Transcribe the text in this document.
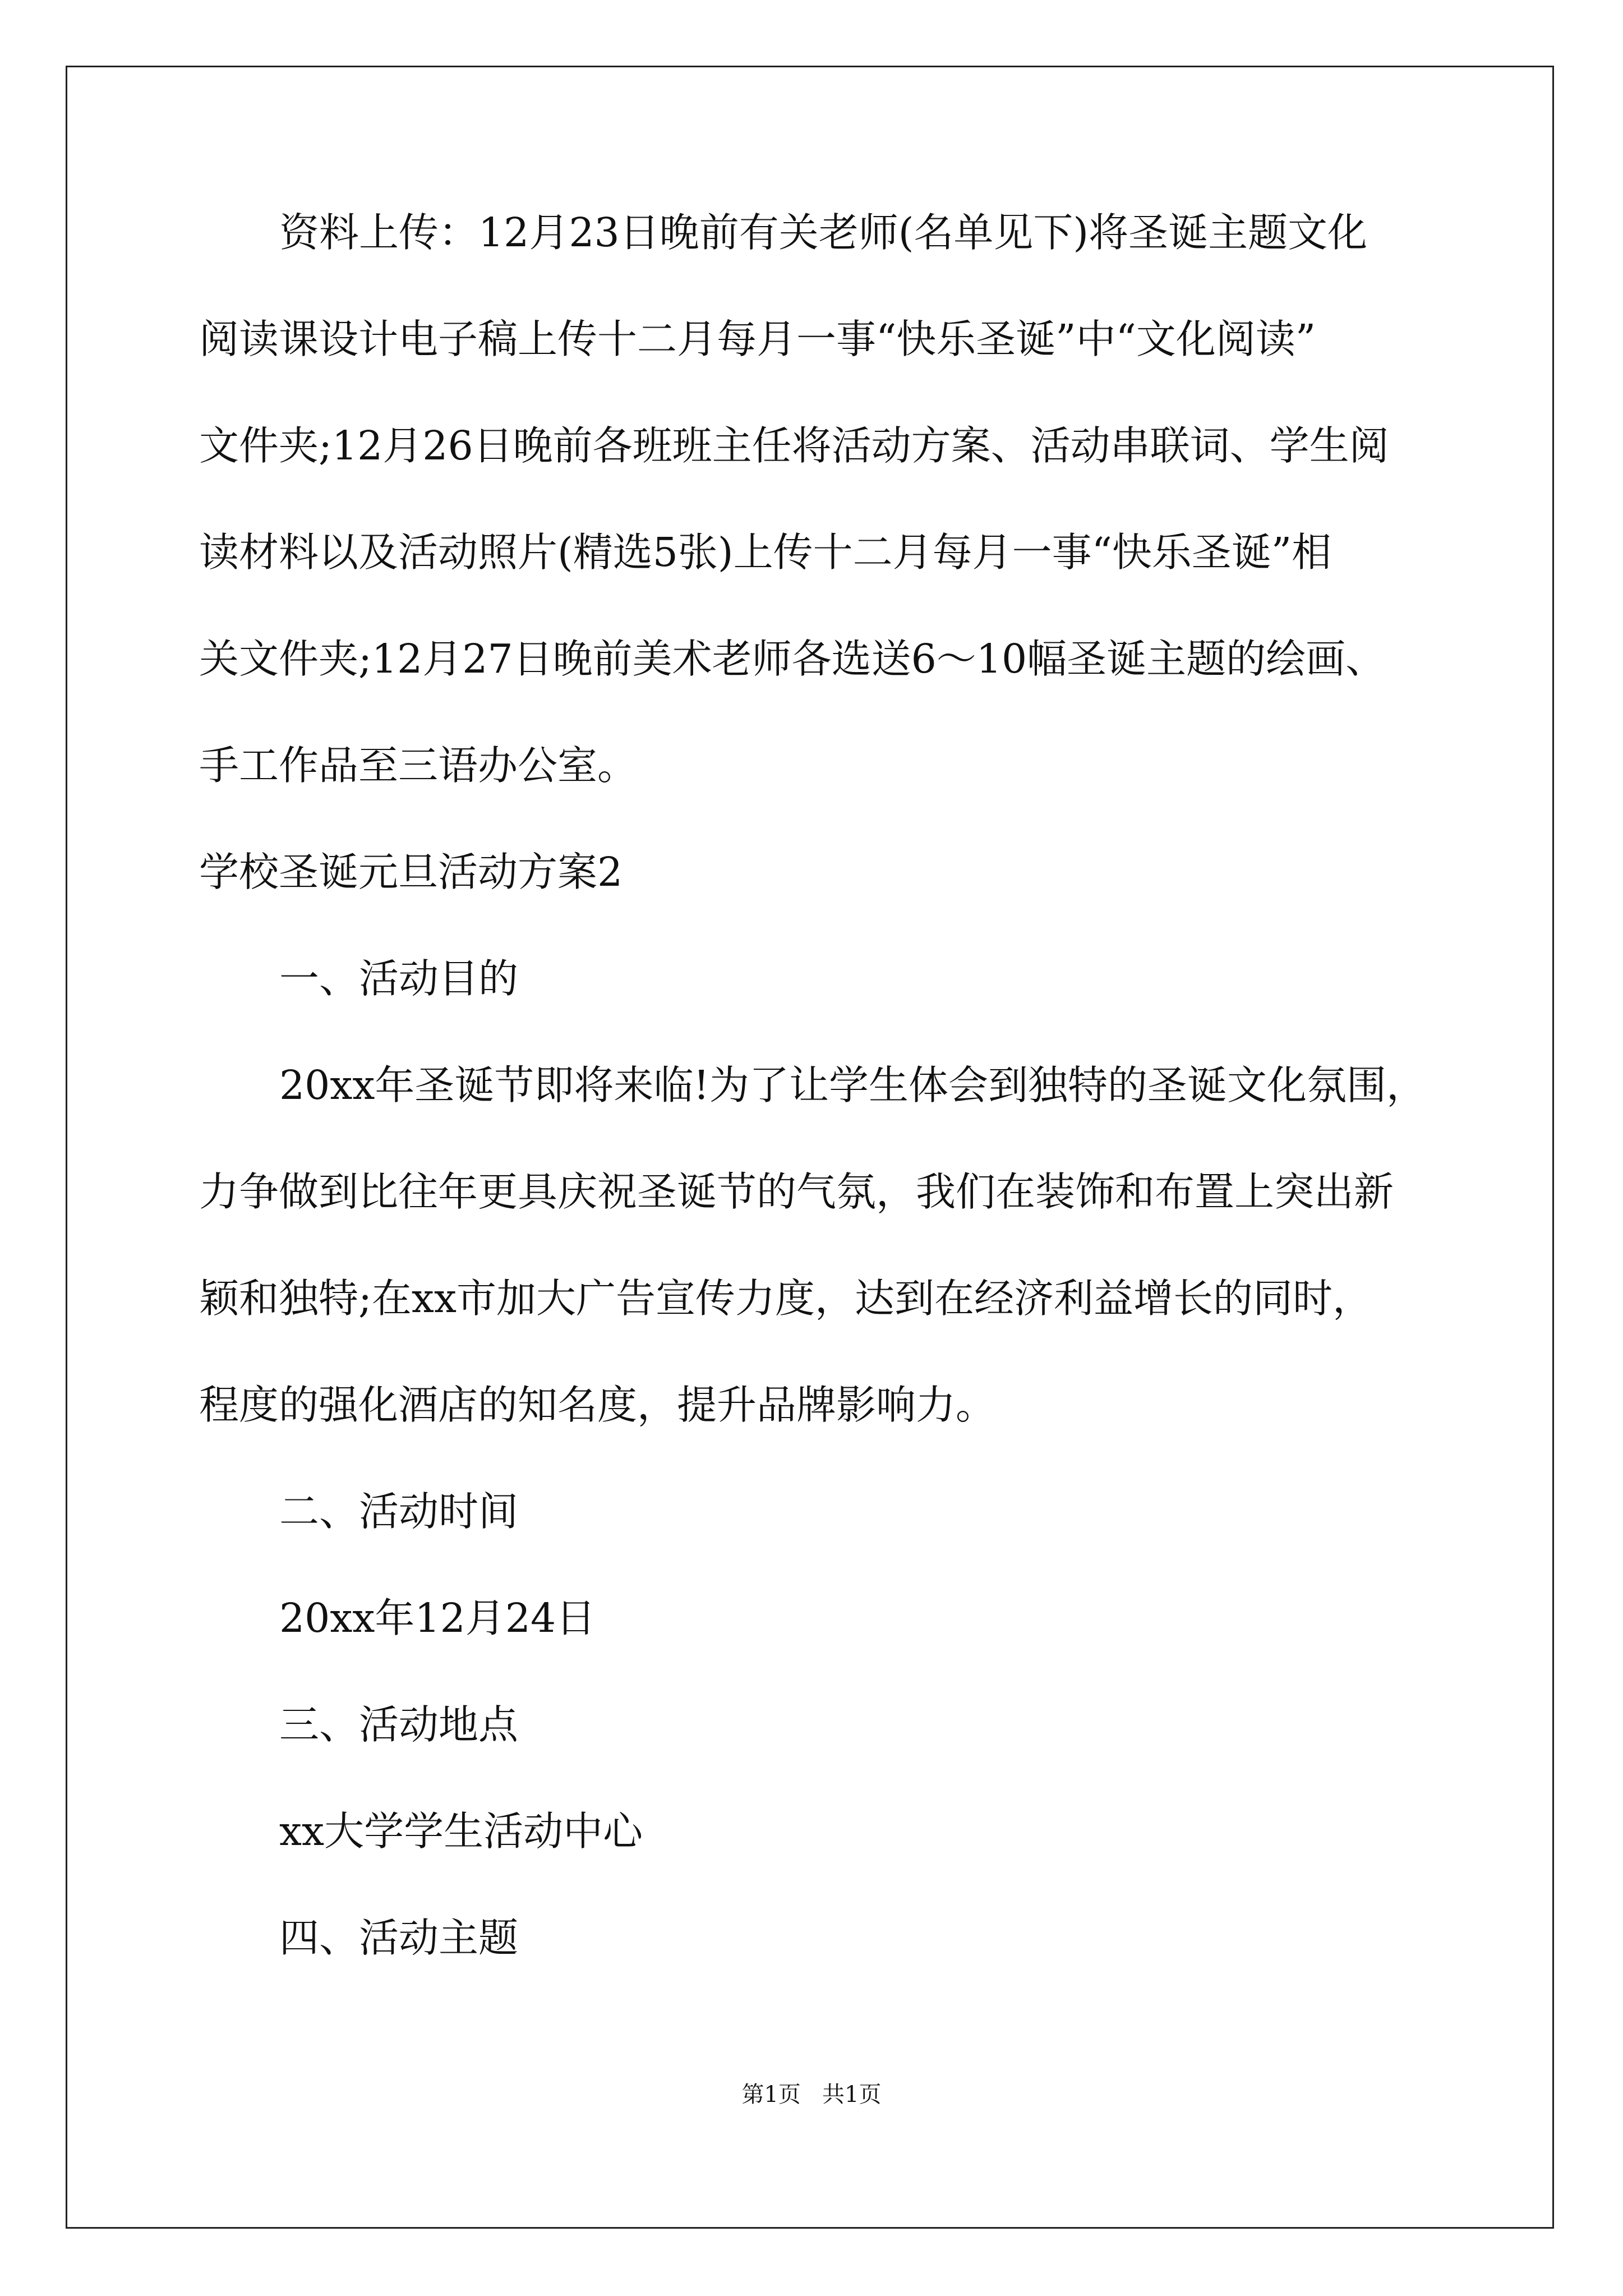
资料上传：12月23日晚前有关老师(名单见下)将圣诞主题文化

阅读课设计电子稿上传十二月每月一事“快乐圣诞”中“文化阅读”

文件夹;12月26日晚前各班班主任将活动方案、活动串联词、学生阅

读材料以及活动照片(精选5张)上传十二月每月一事“快乐圣诞”相

关文件夹;12月27日晚前美术老师各选送6～10幅圣诞主题的绘画、

手工作品至三语办公室。

学校圣诞元旦活动方案2

一、活动目的

20xx年圣诞节即将来临!为了让学生体会到独特的圣诞文化氛围，

力争做到比往年更具庆祝圣诞节的气氛，我们在装饰和布置上突出新

颖和独特;在xx市加大广告宣传力度，达到在经济利益增长的同时，

程度的强化酒店的知名度，提升品牌影响力。

二、活动时间

20xx年12月24日

三、活动地点

xx大学学生活动中心

四、活动主题

第1页   共1页
